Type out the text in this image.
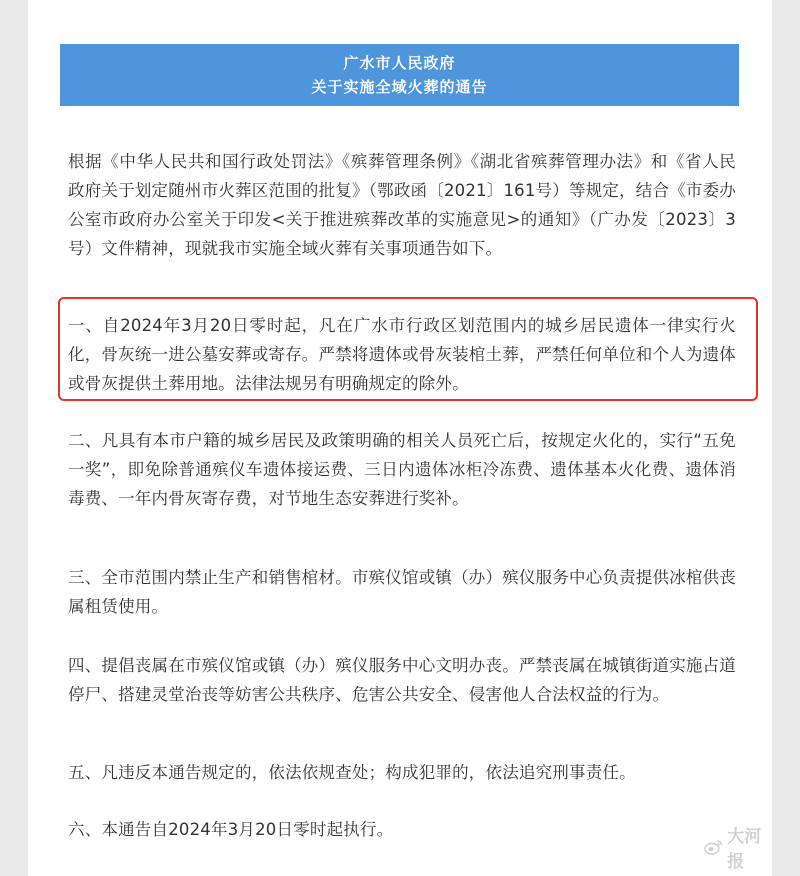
广水市人民政府
关于实施全域火葬的通告

根据《中华人民共和国行政处罚法》《殡葬管理条例》《湖北省殡葬管理办法》和《省人民政府关于划定随州市火葬区范围的批复》（鄂政函〔2021〕161号）等规定，结合《市委办公室市政府办公室关于印发<关于推进殡葬改革的实施意见>的通知》（广办发〔2023〕3号）文件精神，现就我市实施全域火葬有关事项通告如下。

一、自2024年3月20日零时起，凡在广水市行政区划范围内的城乡居民遗体一律实行火化，骨灰统一进公墓安葬或寄存。严禁将遗体或骨灰装棺土葬，严禁任何单位和个人为遗体或骨灰提供土葬用地。法律法规另有明确规定的除外。

二、凡具有本市户籍的城乡居民及政策明确的相关人员死亡后，按规定火化的，实行“五免一奖”，即免除普通殡仪车遗体接运费、三日内遗体冰柜冷冻费、遗体基本火化费、遗体消毒费、一年内骨灰寄存费，对节地生态安葬进行奖补。

三、全市范围内禁止生产和销售棺材。市殡仪馆或镇（办）殡仪服务中心负责提供冰棺供丧属租赁使用。

四、提倡丧属在市殡仪馆或镇（办）殡仪服务中心文明办丧。严禁丧属在城镇街道实施占道停尸、搭建灵堂治丧等妨害公共秩序、危害公共安全、侵害他人合法权益的行为。

五、凡违反本通告规定的，依法依规查处；构成犯罪的，依法追究刑事责任。

六、本通告自2024年3月20日零时起执行。	大河报
